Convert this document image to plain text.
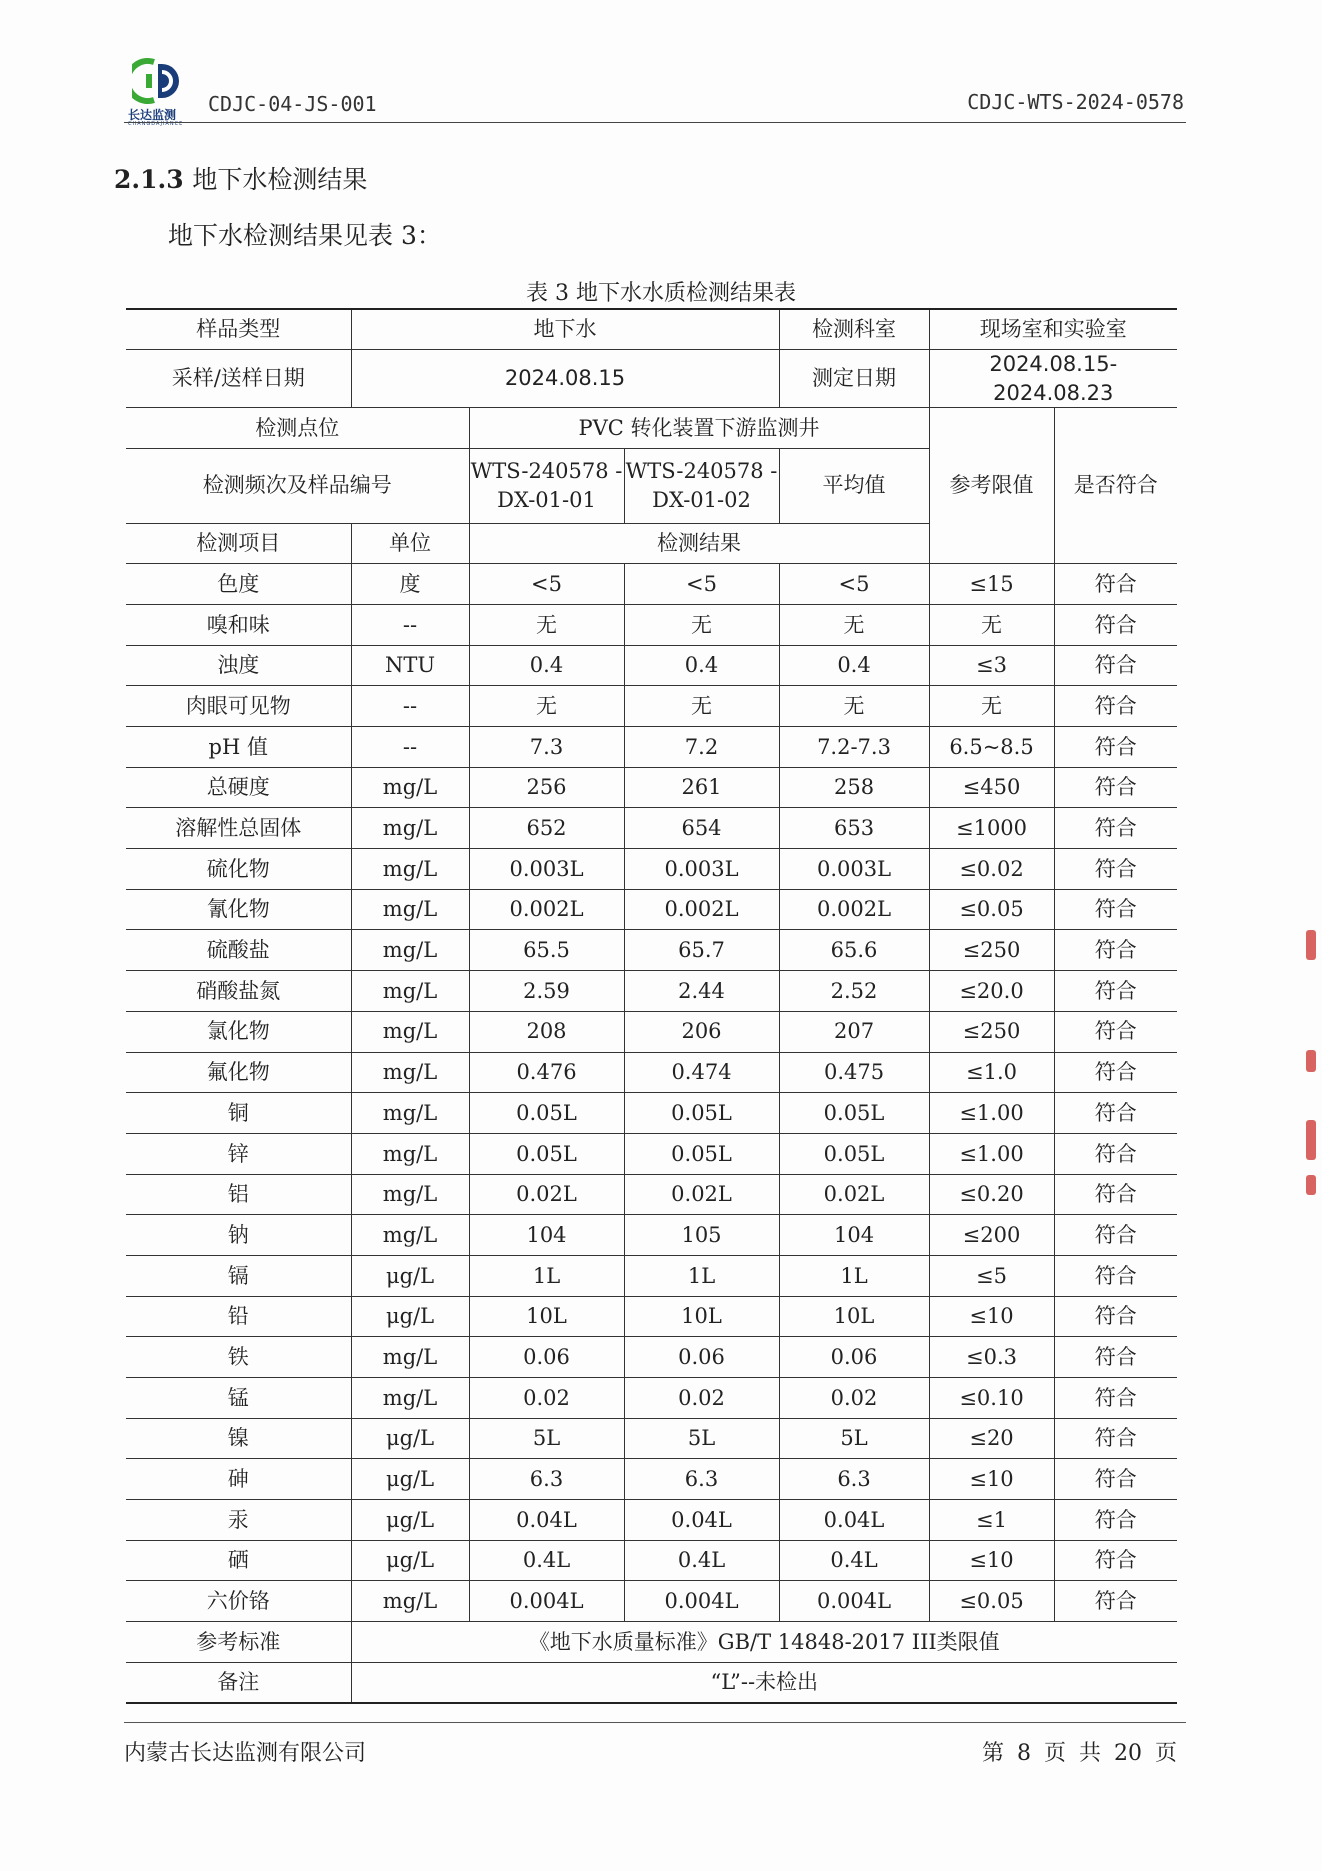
长达监测
CHANGDAJIANCE
CDJC-04-JS-001	CDJC-WTS-2024-0578
2.1.3 地下水检测结果
地下水检测结果见表 3：
表 3 地下水水质检测结果表
样品类型	地下水			检测科室	现场室和实验室	
采样/送样日期	2024.08.15			测定日期	2024.08.15-2024.08.23	
检测点位		PVC 转化装置下游监测井			参考限值	是否符合
检测频次及样品编号		WTS-240578 -DX-01-01	WTS-240578 -DX-01-02	平均值		
检测项目	单位	检测结果				
色度	度	<5	<5	<5	≤15	符合
嗅和味	--	无	无	无	无	符合
浊度	NTU	0.4	0.4	0.4	≤3	符合
肉眼可见物	--	无	无	无	无	符合
pH 值	--	7.3	7.2	7.2-7.3	6.5~8.5	符合
总硬度	mg/L	256	261	258	≤450	符合
溶解性总固体	mg/L	652	654	653	≤1000	符合
硫化物	mg/L	0.003L	0.003L	0.003L	≤0.02	符合
氰化物	mg/L	0.002L	0.002L	0.002L	≤0.05	符合
硫酸盐	mg/L	65.5	65.7	65.6	≤250	符合
硝酸盐氮	mg/L	2.59	2.44	2.52	≤20.0	符合
氯化物	mg/L	208	206	207	≤250	符合
氟化物	mg/L	0.476	0.474	0.475	≤1.0	符合
铜	mg/L	0.05L	0.05L	0.05L	≤1.00	符合
锌	mg/L	0.05L	0.05L	0.05L	≤1.00	符合
铝	mg/L	0.02L	0.02L	0.02L	≤0.20	符合
钠	mg/L	104	105	104	≤200	符合
镉	μg/L	1L	1L	1L	≤5	符合
铅	μg/L	10L	10L	10L	≤10	符合
铁	mg/L	0.06	0.06	0.06	≤0.3	符合
锰	mg/L	0.02	0.02	0.02	≤0.10	符合
镍	μg/L	5L	5L	5L	≤20	符合
砷	μg/L	6.3	6.3	6.3	≤10	符合
汞	μg/L	0.04L	0.04L	0.04L	≤1	符合
硒	μg/L	0.4L	0.4L	0.4L	≤10	符合
六价铬	mg/L	0.004L	0.004L	0.004L	≤0.05	符合
参考标准	《地下水质量标准》GB/T 14848-2017 III类限值					
备注	“L”--未检出					
内蒙古长达监测有限公司	第 8 页 共 20 页
